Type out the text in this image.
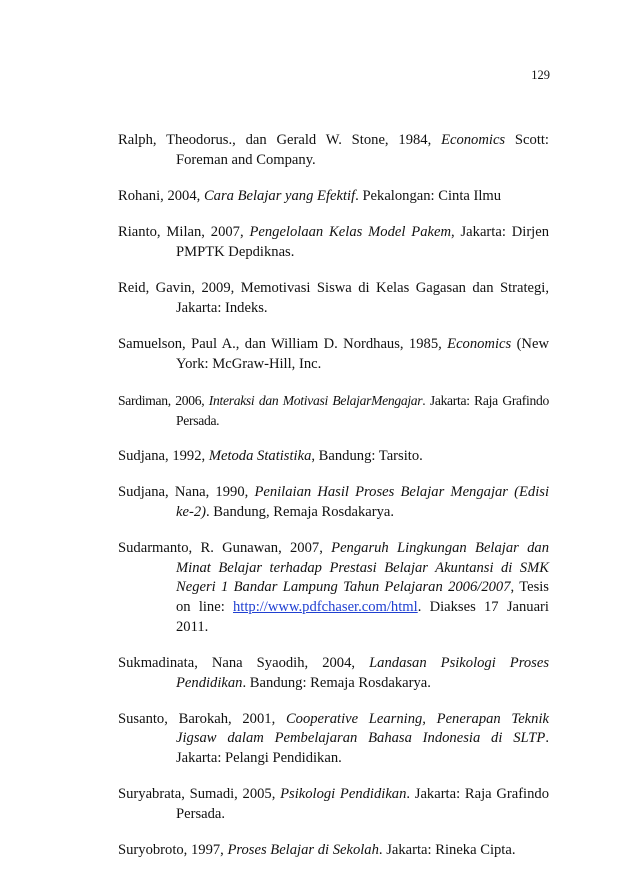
129

Ralph, Theodorus., dan Gerald W. Stone, 1984, Economics Scott: Foreman and Company.

Rohani, 2004, Cara Belajar yang Efektif. Pekalongan: Cinta Ilmu

Rianto, Milan, 2007, Pengelolaan Kelas Model Pakem, Jakarta: Dirjen PMPTK Depdiknas.

Reid, Gavin, 2009, Memotivasi Siswa di Kelas Gagasan dan Strategi, Jakarta: Indeks.

Samuelson, Paul A., dan William D. Nordhaus, 1985, Economics (New York: McGraw-Hill, Inc.

Sardiman, 2006, Interaksi dan Motivasi BelajarMengajar. Jakarta: Raja Grafindo Persada.

Sudjana, 1992, Metoda Statistika, Bandung: Tarsito.

Sudjana, Nana, 1990, Penilaian Hasil Proses Belajar Mengajar (Edisi ke-2). Bandung, Remaja Rosdakarya.

Sudarmanto, R. Gunawan, 2007, Pengaruh Lingkungan Belajar dan Minat Belajar terhadap Prestasi Belajar Akuntansi di SMK Negeri 1 Bandar Lampung Tahun Pelajaran 2006/2007, Tesis on line: http://www.pdfchaser.com/html. Diakses 17 Januari 2011.

Sukmadinata, Nana Syaodih, 2004, Landasan Psikologi Proses Pendidikan. Bandung: Remaja Rosdakarya.

Susanto, Barokah, 2001, Cooperative Learning, Penerapan Teknik Jigsaw dalam Pembelajaran Bahasa Indonesia di SLTP. Jakarta: Pelangi Pendidikan.

Suryabrata, Sumadi, 2005, Psikologi Pendidikan. Jakarta: Raja Grafindo Persada.

Suryobroto, 1997, Proses Belajar di Sekolah. Jakarta: Rineka Cipta.
